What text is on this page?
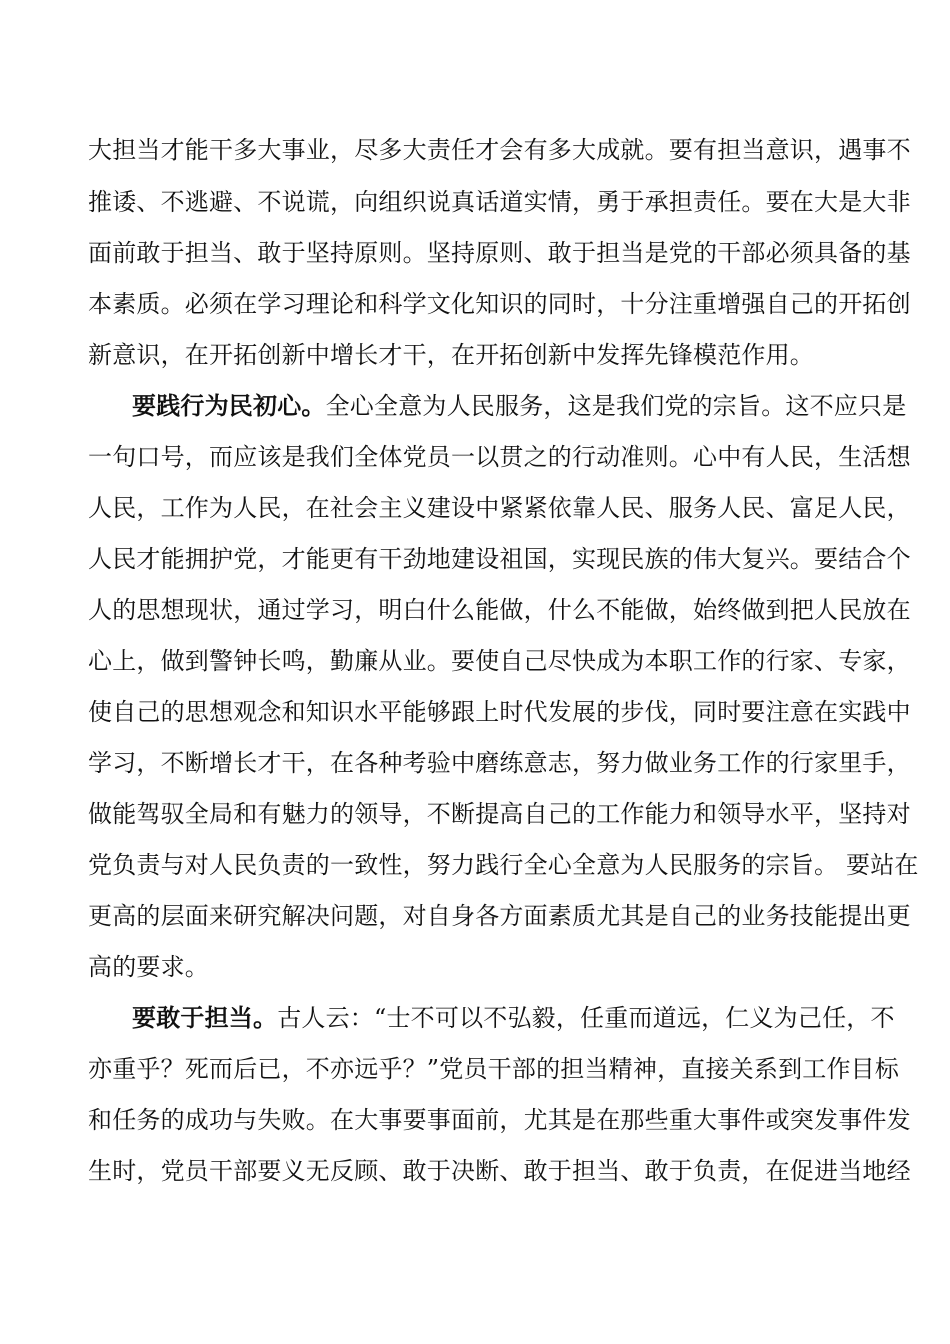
大担当才能干多大事业，尽多大责任才会有多大成就。要有担当意识，遇事不
推诿、不逃避、不说谎，向组织说真话道实情，勇于承担责任。要在大是大非
面前敢于担当、敢于坚持原则。坚持原则、敢于担当是党的干部必须具备的基
本素质。必须在学习理论和科学文化知识的同时，十分注重增强自己的开拓创
新意识，在开拓创新中增长才干，在开拓创新中发挥先锋模范作用。
要践行为民初心。全心全意为人民服务，这是我们党的宗旨。这不应只是
一句口号，而应该是我们全体党员一以贯之的行动准则。心中有人民，生活想
人民，工作为人民，在社会主义建设中紧紧依靠人民、服务人民、富足人民，
人民才能拥护党，才能更有干劲地建设祖国，实现民族的伟大复兴。要结合个
人的思想现状，通过学习，明白什么能做，什么不能做，始终做到把人民放在
心上，做到警钟长鸣，勤廉从业。要使自己尽快成为本职工作的行家、专家，
使自己的思想观念和知识水平能够跟上时代发展的步伐，同时要注意在实践中
学习，不断增长才干，在各种考验中磨练意志，努力做业务工作的行家里手，
做能驾驭全局和有魅力的领导，不断提高自己的工作能力和领导水平，坚持对
党负责与对人民负责的一致性，努力践行全心全意为人民服务的宗旨。 要站在
更高的层面来研究解决问题，对自身各方面素质尤其是自己的业务技能提出更
高的要求。
要敢于担当。古人云：“士不可以不弘毅，任重而道远，仁义为己任，不
亦重乎？死而后已，不亦远乎？”党员干部的担当精神，直接关系到工作目标
和任务的成功与失败。在大事要事面前，尤其是在那些重大事件或突发事件发
生时，党员干部要义无反顾、敢于决断、敢于担当、敢于负责，在促进当地经
